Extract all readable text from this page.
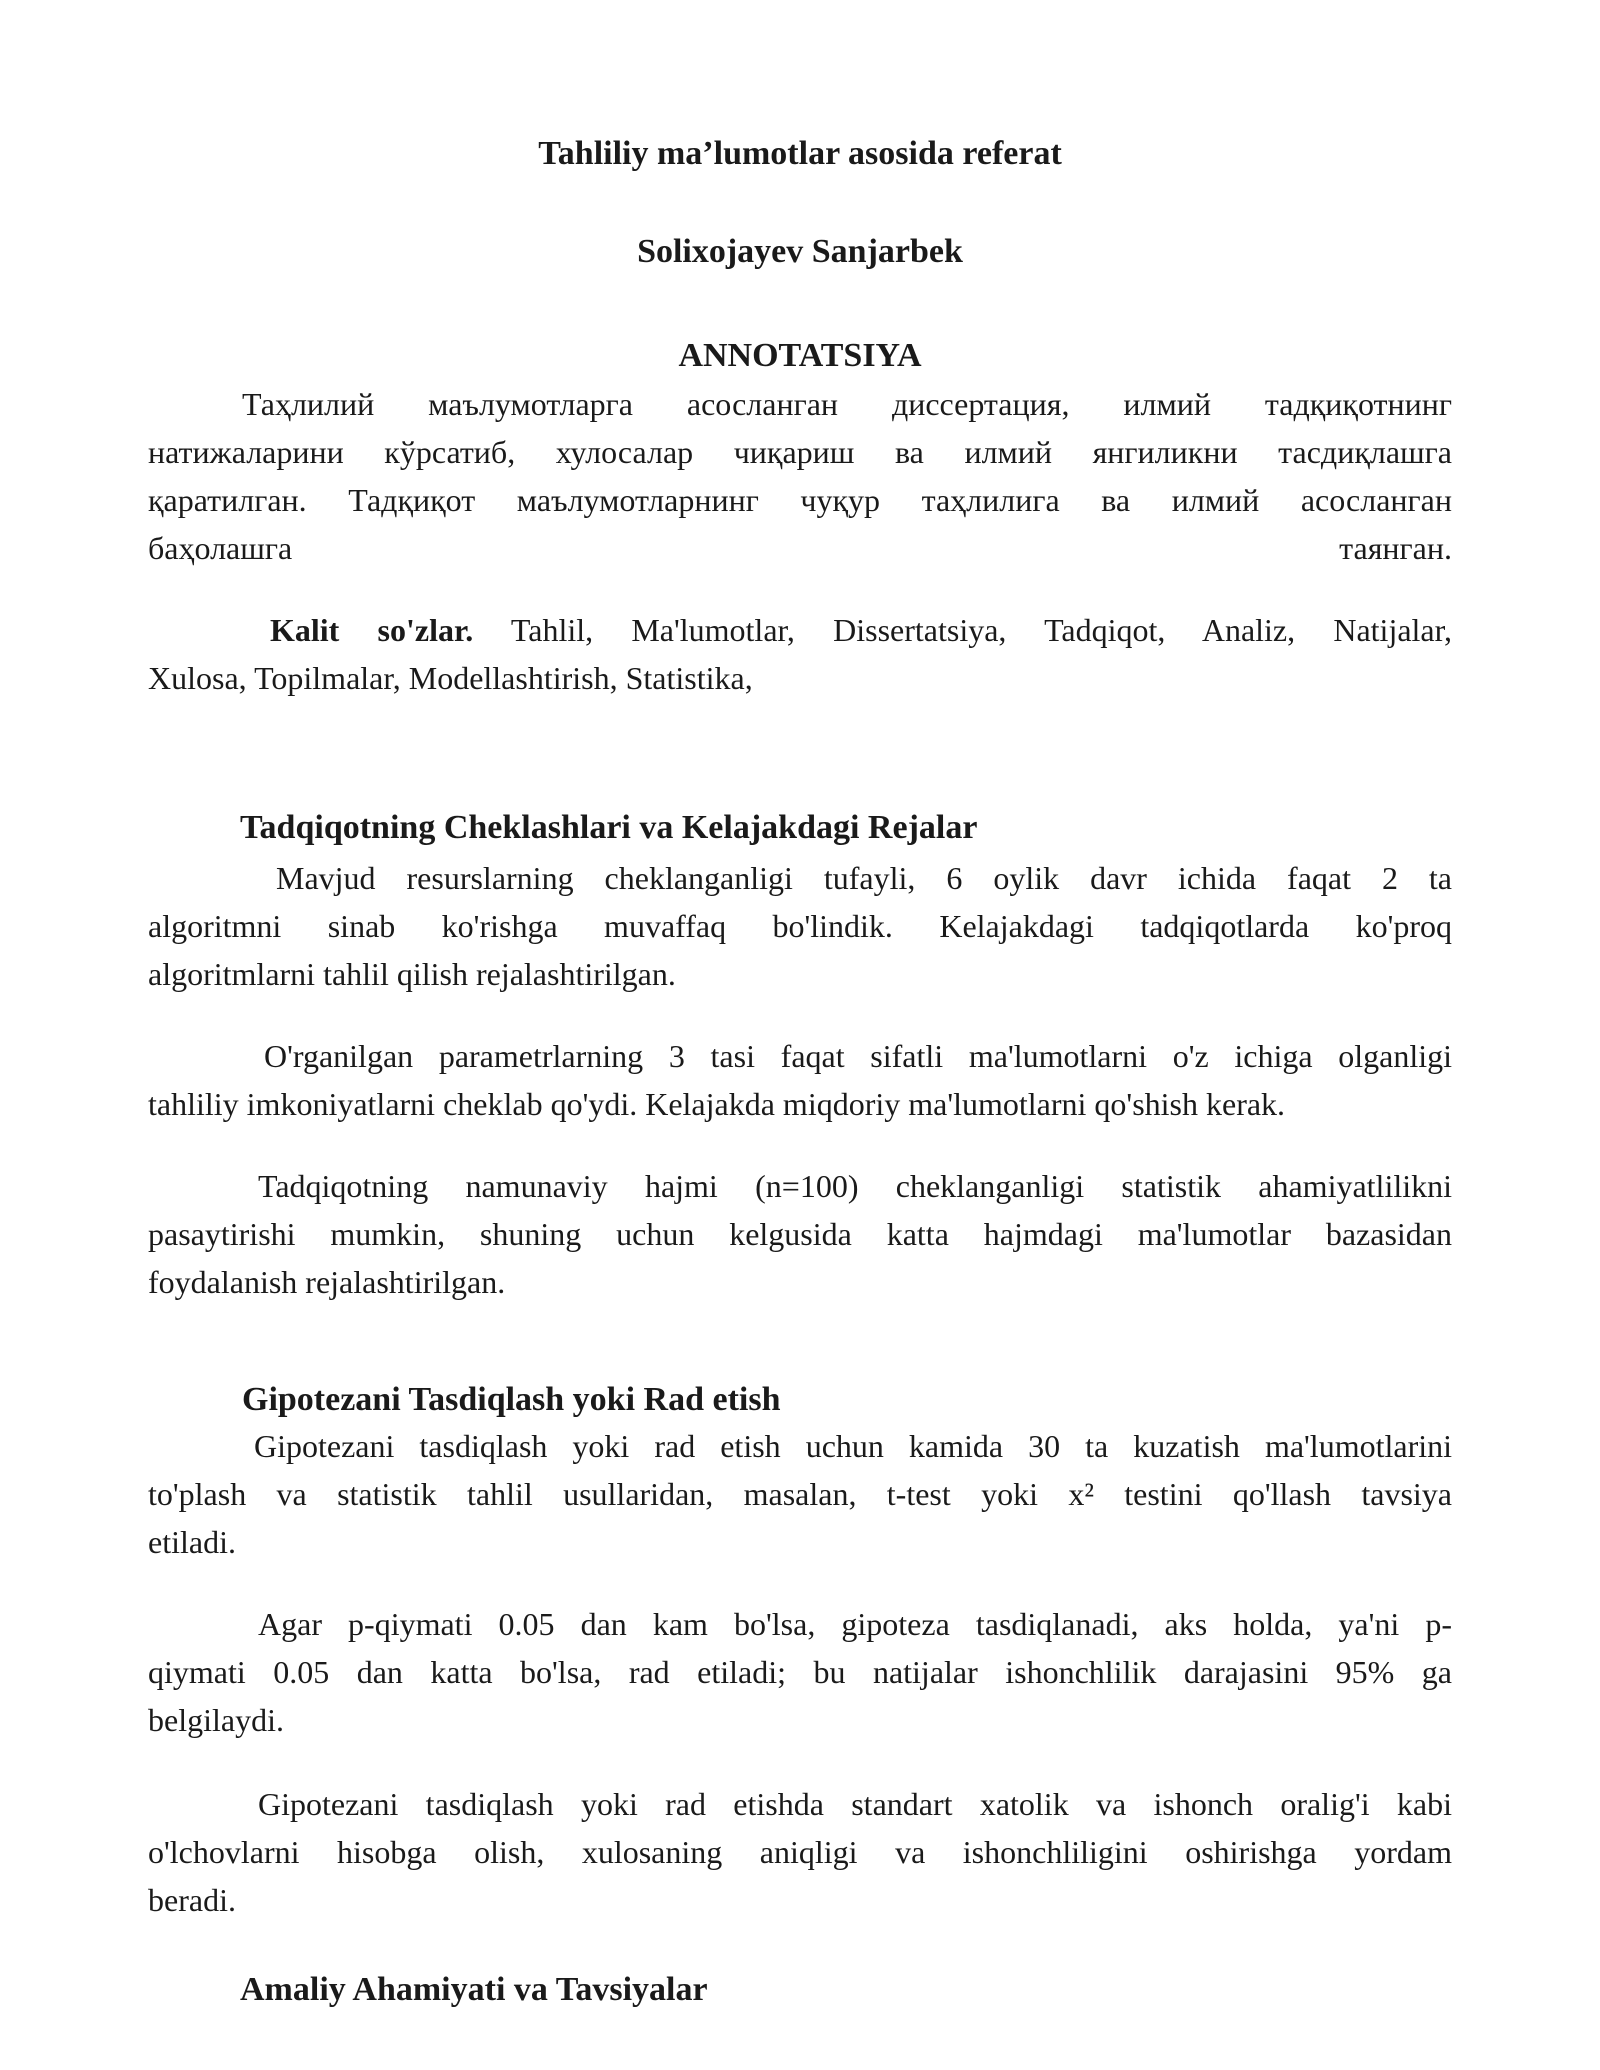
Tahliliy ma’lumotlar asosida referat
Solixojayev Sanjarbek
ANNOTATSIYA
Таҳлилий маълумотларга асосланган диссертация, илмий тадқиқотнинг
натижаларини кўрсатиб, хулосалар чиқариш ва илмий янгиликни тасдиқлашга
қаратилган. Тадқиқот маълумотларнинг чуқур таҳлилига ва илмий асосланган
баҳолашга	таянган.
Kalit so'zlar. Tahlil, Ma'lumotlar, Dissertatsiya, Tadqiqot, Analiz, Natijalar,
Xulosa, Topilmalar, Modellashtirish, Statistika,
Tadqiqotning Cheklashlari va Kelajakdagi Rejalar
Mavjud resurslarning cheklanganligi tufayli, 6 oylik davr ichida faqat 2 ta
algoritmni sinab ko'rishga muvaffaq bo'lindik. Kelajakdagi tadqiqotlarda ko'proq
algoritmlarni tahlil qilish rejalashtirilgan.
O'rganilgan parametrlarning 3 tasi faqat sifatli ma'lumotlarni o'z ichiga olganligi
tahliliy imkoniyatlarni cheklab qo'ydi. Kelajakda miqdoriy ma'lumotlarni qo'shish kerak.
Tadqiqotning namunaviy hajmi (n=100) cheklanganligi statistik ahamiyatlilikni
pasaytirishi mumkin, shuning uchun kelgusida katta hajmdagi ma'lumotlar bazasidan
foydalanish rejalashtirilgan.
Gipotezani Tasdiqlash yoki Rad etish
Gipotezani tasdiqlash yoki rad etish uchun kamida 30 ta kuzatish ma'lumotlarini
to'plash va statistik tahlil usullaridan, masalan, t-test yoki x² testini qo'llash tavsiya
etiladi.
Agar p-qiymati 0.05 dan kam bo'lsa, gipoteza tasdiqlanadi, aks holda, ya'ni p-
qiymati 0.05 dan katta bo'lsa, rad etiladi; bu natijalar ishonchlilik darajasini 95% ga
belgilaydi.
Gipotezani tasdiqlash yoki rad etishda standart xatolik va ishonch oralig'i kabi
o'lchovlarni hisobga olish, xulosaning aniqligi va ishonchliligini oshirishga yordam
beradi.
Amaliy Ahamiyati va Tavsiyalar
